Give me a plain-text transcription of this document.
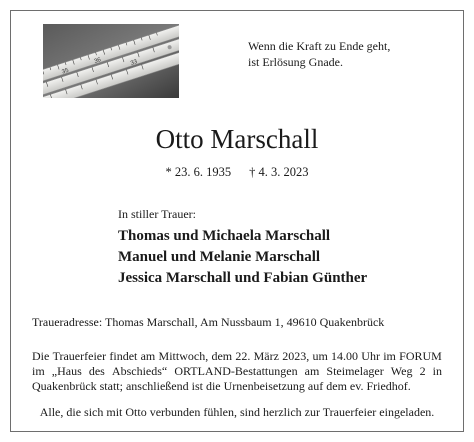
35
36	33
Wenn die Kraft zu Ende geht,
ist Erlösung Gnade.
Otto Marschall
* 23. 6. 1935 † 4. 3. 2023
In stiller Trauer:
Thomas und Michaela Marschall
Manuel und Melanie Marschall
Jessica Marschall und Fabian Günther
Traueradresse: Thomas Marschall, Am Nussbaum 1, 49610 Quakenbrück
Die Trauerfeier findet am Mittwoch, dem 22. März 2023, um 14.00 Uhr im FORUM
im „Haus des Abschieds“ ORTLAND-Bestattungen am Steimelager Weg 2 in
Quakenbrück statt; anschließend ist die Urnenbeisetzung auf dem ev. Friedhof.
Alle, die sich mit Otto verbunden fühlen, sind herzlich zur Trauerfeier eingeladen.
